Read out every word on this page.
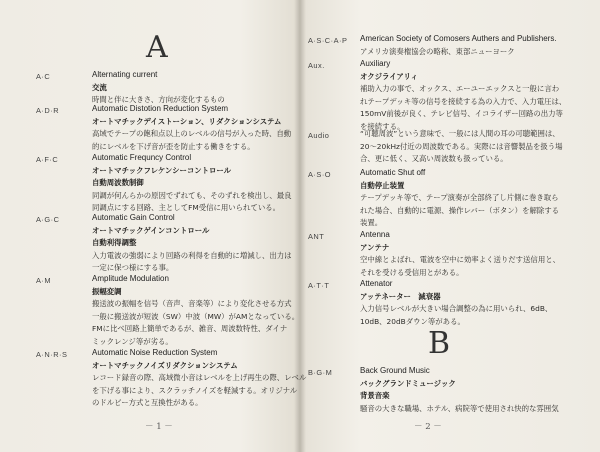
A
A·C	Alternating current
交流
時間と伴に大きさ、方向が変化するもの
A·D·R	Automatic Distotion Reduction System
オートマチックデイストーション、リダクションシステム
高域でテープの飽和点以上のレベルの信号が入った時、自動
的にレベルを下げ音が歪を防止する働きをする。
A·F·C	Automatic Frequncy Control
オートマチックフレケンシーコントロール
自動周波数制御
同調が何んらかの原因でずれても、そのずれを検出し、最良
同調点にする回路、主としてFM受信に用いられている。
A·G·C	Automatic Gain Control
オートマチックゲインコントロール
自動利得調整
入力電波の強弱により回路の利得を自動的に増減し、出力は
一定に保つ様にする事。
A·M	Amplitude Modulation
振幅変調
搬送波の振幅を信号（音声、音楽等）により変化させる方式
一般に搬送波が短波（SW）中波（MW）がAMとなっている。
FMに比べ回路上簡単であるが、雑音、周波数特性、ダイナ
ミックレンジ等が劣る。
A·N·R·S	Automatic Noise Reduction System
オートマチックノイズリダクションシステム
レコード録音の際、高域微小音はレベルを上げ再生の際、レベル
を下げる事により、スクラッチノイズを軽減する。オリジナル
のドルビー方式と互換性がある。
－ 1 －
A·S·C·A·P American Society of Comosers Authers and Publishers.
アメリカ演奏権協会の略称、東部ニューヨーク
Aux.	Auxiliary
オクジライアリィ
補助入力の事で、オックス、エーユーエックスと一般に言わ
れテープデッキ等の信号を接続する為の入力で、入力電圧は、
150mV前後が良く、テレビ信号、イコライザー回路の出力等
を接続する。
Audio	“可聴周波”という意味で、一般には人間の耳の可聴範囲は、
20～20kHz付近の周波数である。実際には音響製品を扱う場
合、更に低く、又高い周波数も扱っている。
A·S·O	Automatic Shut off
自動停止装置
テープデッキ等で、テープ演奏が全部終了し片側に巻き取ら
れた場合、自動的に電源、操作レバー（ボタン）を解除する
装置。
ANT	Antenna
アンテナ
空中線とよばれ、電波を空中に効率よく送りだす送信用と、
それを受ける受信用とがある。
A·T·T	Attenator
アッテネーター　減衰器
入力信号レベルが大きい場合調整の為に用いられ、6dB、
10dB、20dBダウン等がある。
B
B·G·M	Back Ground Music
バックグランドミュージック
背景音楽
騒音の大きな職場、ホテル、病院等で使用され快的な雰囲気
－ 2 －
